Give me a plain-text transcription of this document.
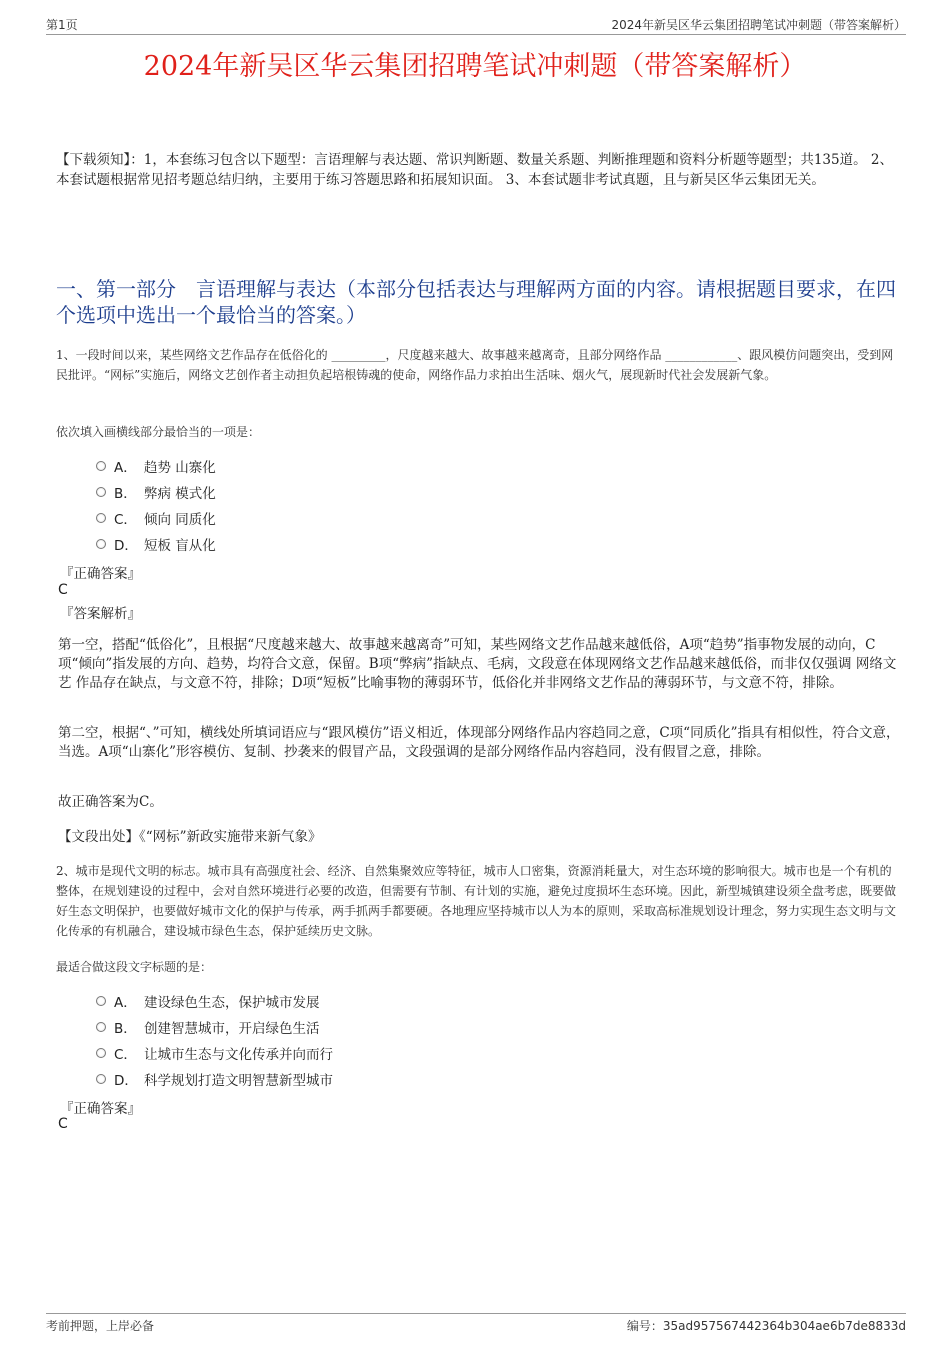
第1页	2024年新吴区华云集团招聘笔试冲刺题（带答案解析）
2024年新吴区华云集团招聘笔试冲刺题（带答案解析）
【下载须知】：1，本套练习包含以下题型：言语理解与表达题、常识判断题、数量关系题、判断推理题和资料分析题等题型；共135道。 2、本套试题根据常见招考题总结归纳，主要用于练习答题思路和拓展知识面。 3、本套试题非考试真题，且与新吴区华云集团无关。
一、第一部分　言语理解与表达（本部分包括表达与理解两方面的内容。请根据题目要求，在四个选项中选出一个最恰当的答案。）
1、一段时间以来，某些网络文艺作品存在低俗化的 _________，尺度越来越大、故事越来越离奇，且部分网络作品 ____________、跟风模仿问题突出，受到网民批评。“网标”实施后，网络文艺创作者主动担负起培根铸魂的使命，网络作品力求拍出生活味、烟火气，展现新时代社会发展新气象。
依次填入画横线部分最恰当的一项是：
A． 趋势 山寨化
B． 弊病 模式化
C． 倾向 同质化
D． 短板 盲从化
『正确答案』
C
『答案解析』
第一空，搭配“低俗化”，且根据“尺度越来越大、故事越来越离奇”可知，某些网络文艺作品越来越低俗，A项“趋势”指事物发展的动向，C项“倾向”指发展的方向、趋势，均符合文意，保留。B项“弊病”指缺点、毛病，文段意在体现网络文艺作品越来越低俗，而非仅仅强调 网络文艺 作品存在缺点，与文意不符，排除；D项“短板”比喻事物的薄弱环节，低俗化并非网络文艺作品的薄弱环节，与文意不符，排除。
第二空，根据“、”可知，横线处所填词语应与“跟风模仿”语义相近，体现部分网络作品内容趋同之意，C项“同质化”指具有相似性，符合文意，当选。A项“山寨化”形容模仿、复制、抄袭来的假冒产品，文段强调的是部分网络作品内容趋同，没有假冒之意，排除。
故正确答案为C。
【文段出处】《“网标”新政实施带来新气象》
2、城市是现代文明的标志。城市具有高强度社会、经济、自然集聚效应等特征，城市人口密集，资源消耗量大，对生态环境的影响很大。城市也是一个有机的整体，在规划建设的过程中，会对自然环境进行必要的改造，但需要有节制、有计划的实施，避免过度损坏生态环境。因此，新型城镇建设须全盘考虑，既要做好生态文明保护，也要做好城市文化的保护与传承，两手抓两手都要硬。各地理应坚持城市以人为本的原则，采取高标准规划设计理念，努力实现生态文明与文化传承的有机融合，建设城市绿色生态，保护延续历史文脉。
最适合做这段文字标题的是：
A． 建设绿色生态，保护城市发展
B． 创建智慧城市，开启绿色生活
C． 让城市生态与文化传承并向而行
D． 科学规划打造文明智慧新型城市
『正确答案』
C
考前押题，上岸必备	编号：35ad957567442364b304ae6b7de8833d
